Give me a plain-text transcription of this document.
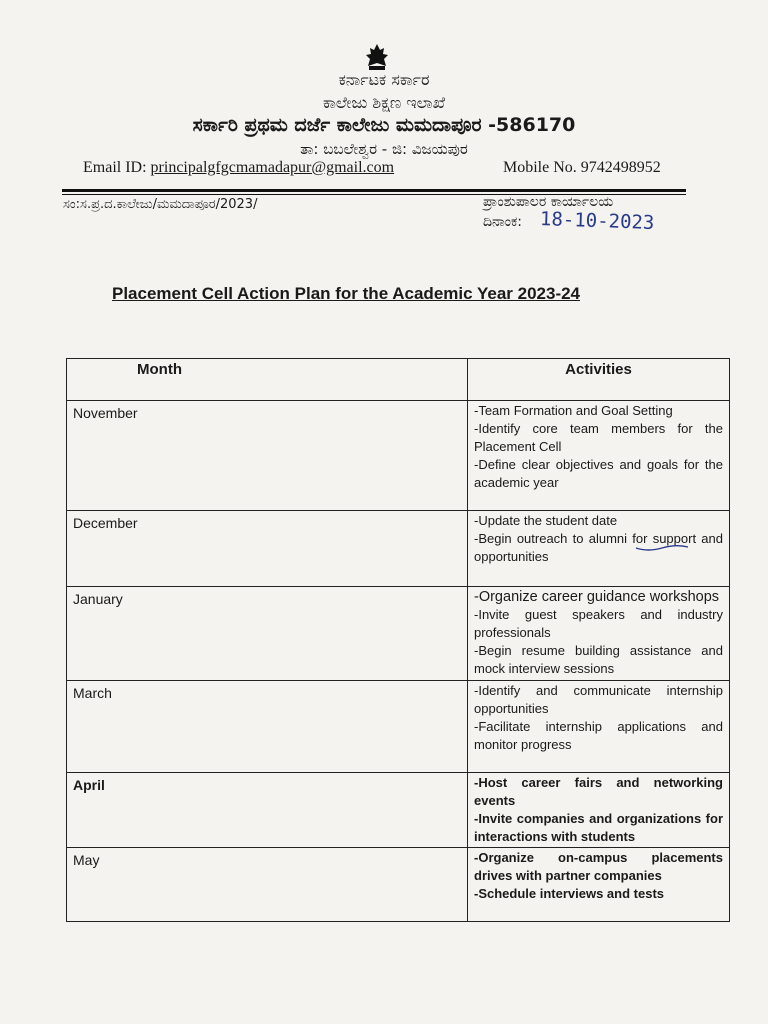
ಕರ್ನಾಟಕ ಸರ್ಕಾರ
ಕಾಲೇಜು ಶಿಕ್ಷಣ ಇಲಾಖೆ
ಸರ್ಕಾರಿ ಪ್ರಥಮ ದರ್ಜೆ ಕಾಲೇಜು ಮಮದಾಪೂರ -586170
ತಾ: ಬಬಲೇಶ್ವರ - ಜಿ: ವಿಜಯಪುರ
Email ID: principalgfgcmamadapur@gmail.com	Mobile No. 9742498952
ಸಂ:ಸ.ಪ್ರ.ದ.ಕಾಲೇಜು/ಮಮದಾಪೂರ/2023/	ಪ್ರಾಂಶುಪಾಲರ ಕಾರ್ಯಾಲಯ
ದಿನಾಂಕ: 18-10-2023
Placement Cell Action Plan for the Academic Year 2023-24
Month	Activities
November	-Team Formation and Goal Setting
-Identify core team members for the Placement Cell
-Define clear objectives and goals for the academic year

December	-Update the student date
-Begin outreach to alumni for support and opportunities

January	-Organize career guidance workshops
-Invite guest speakers and industry professionals
-Begin resume building assistance and mock interview sessions

March	-Identify and communicate internship opportunities
-Facilitate internship applications and monitor progress

April	-Host career fairs and networking events
-Invite companies and organizations for interactions with students

May	-Organize on-campus placements drives with partner companies
-Schedule interviews and tests
